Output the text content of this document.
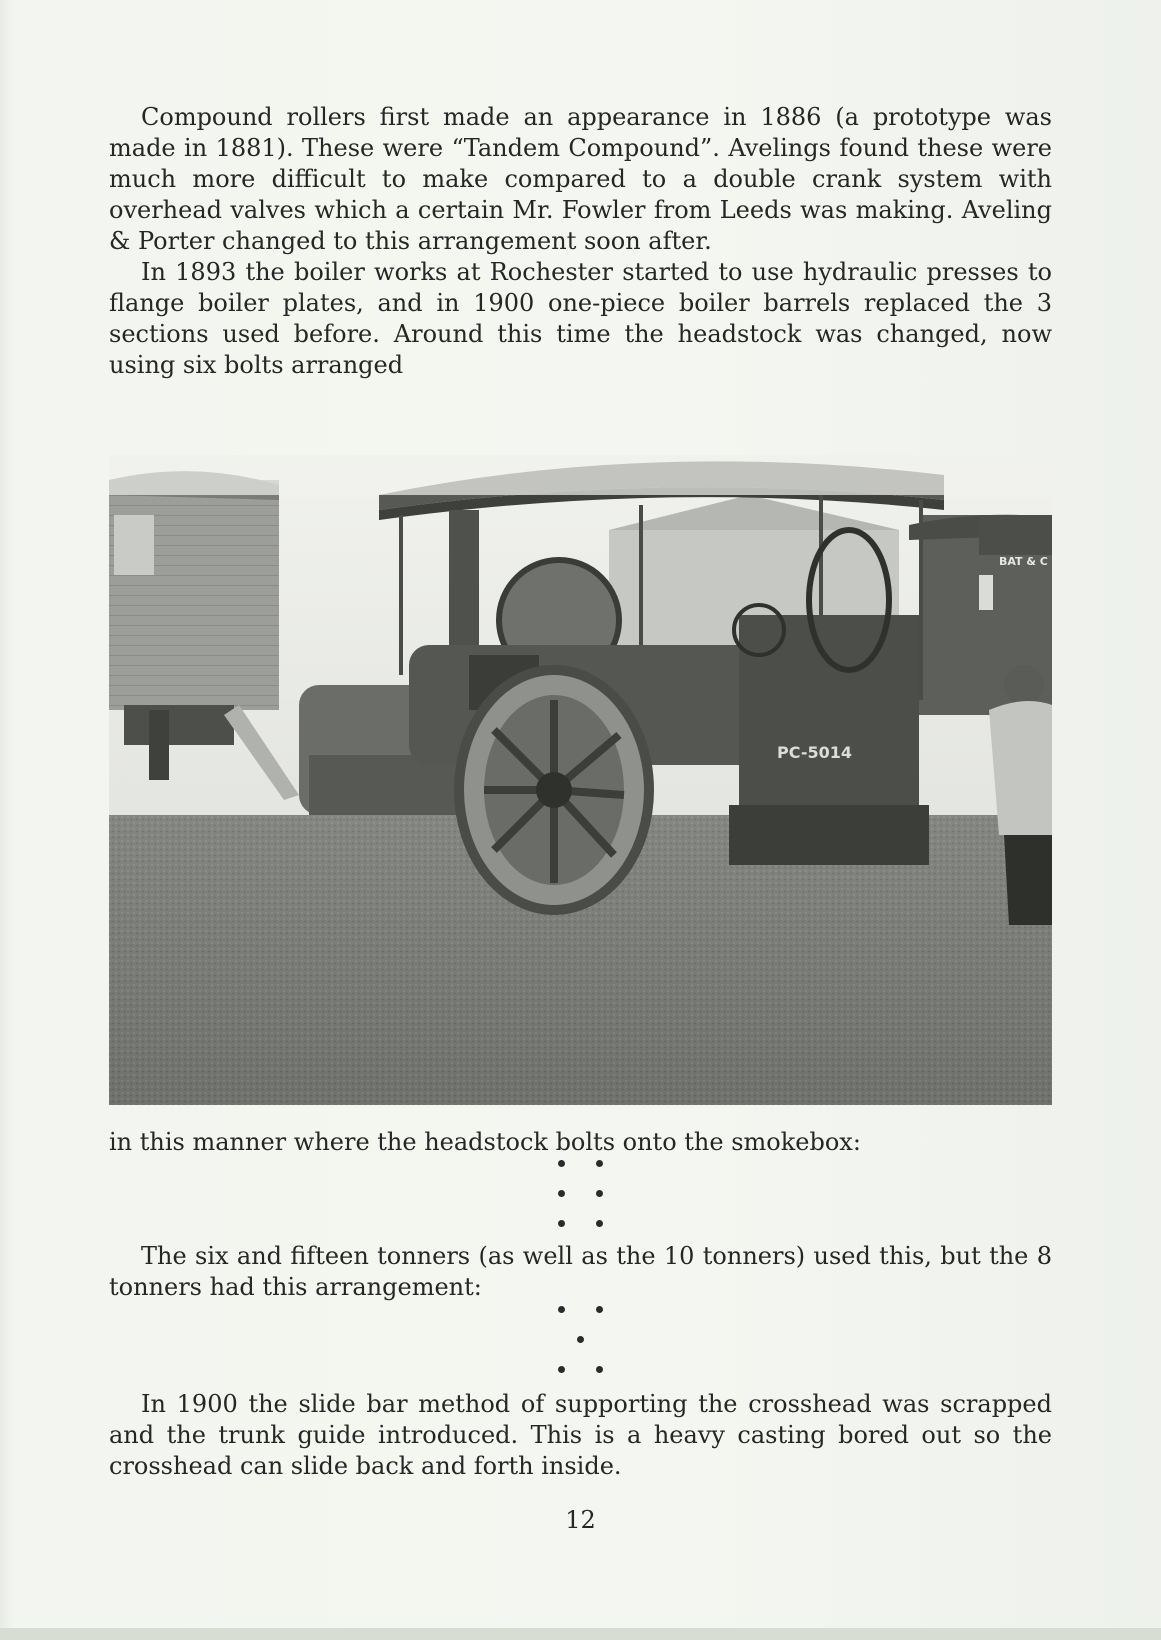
Compound rollers first made an appearance in 1886 (a prototype was made in 1881). These were “Tandem Compound”. Avelings found these were much more difficult to make compared to a double crank system with overhead valves which a certain Mr. Fowler from Leeds was making. Aveling & Porter changed to this arrangement soon after.

In 1893 the boiler works at Rochester started to use hydraulic presses to flange boiler plates, and in 1900 one-piece boiler barrels replaced the 3 sections used before. Around this time the headstock was changed, now using six bolts arranged

BAT & C
PC-5014

in this manner where the headstock bolts onto the smokebox:

The six and fifteen tonners (as well as the 10 tonners) used this, but the 8 tonners had this arrangement:

In 1900 the slide bar method of supporting the crosshead was scrapped and the trunk guide introduced. This is a heavy casting bored out so the crosshead can slide back and forth inside.

12
